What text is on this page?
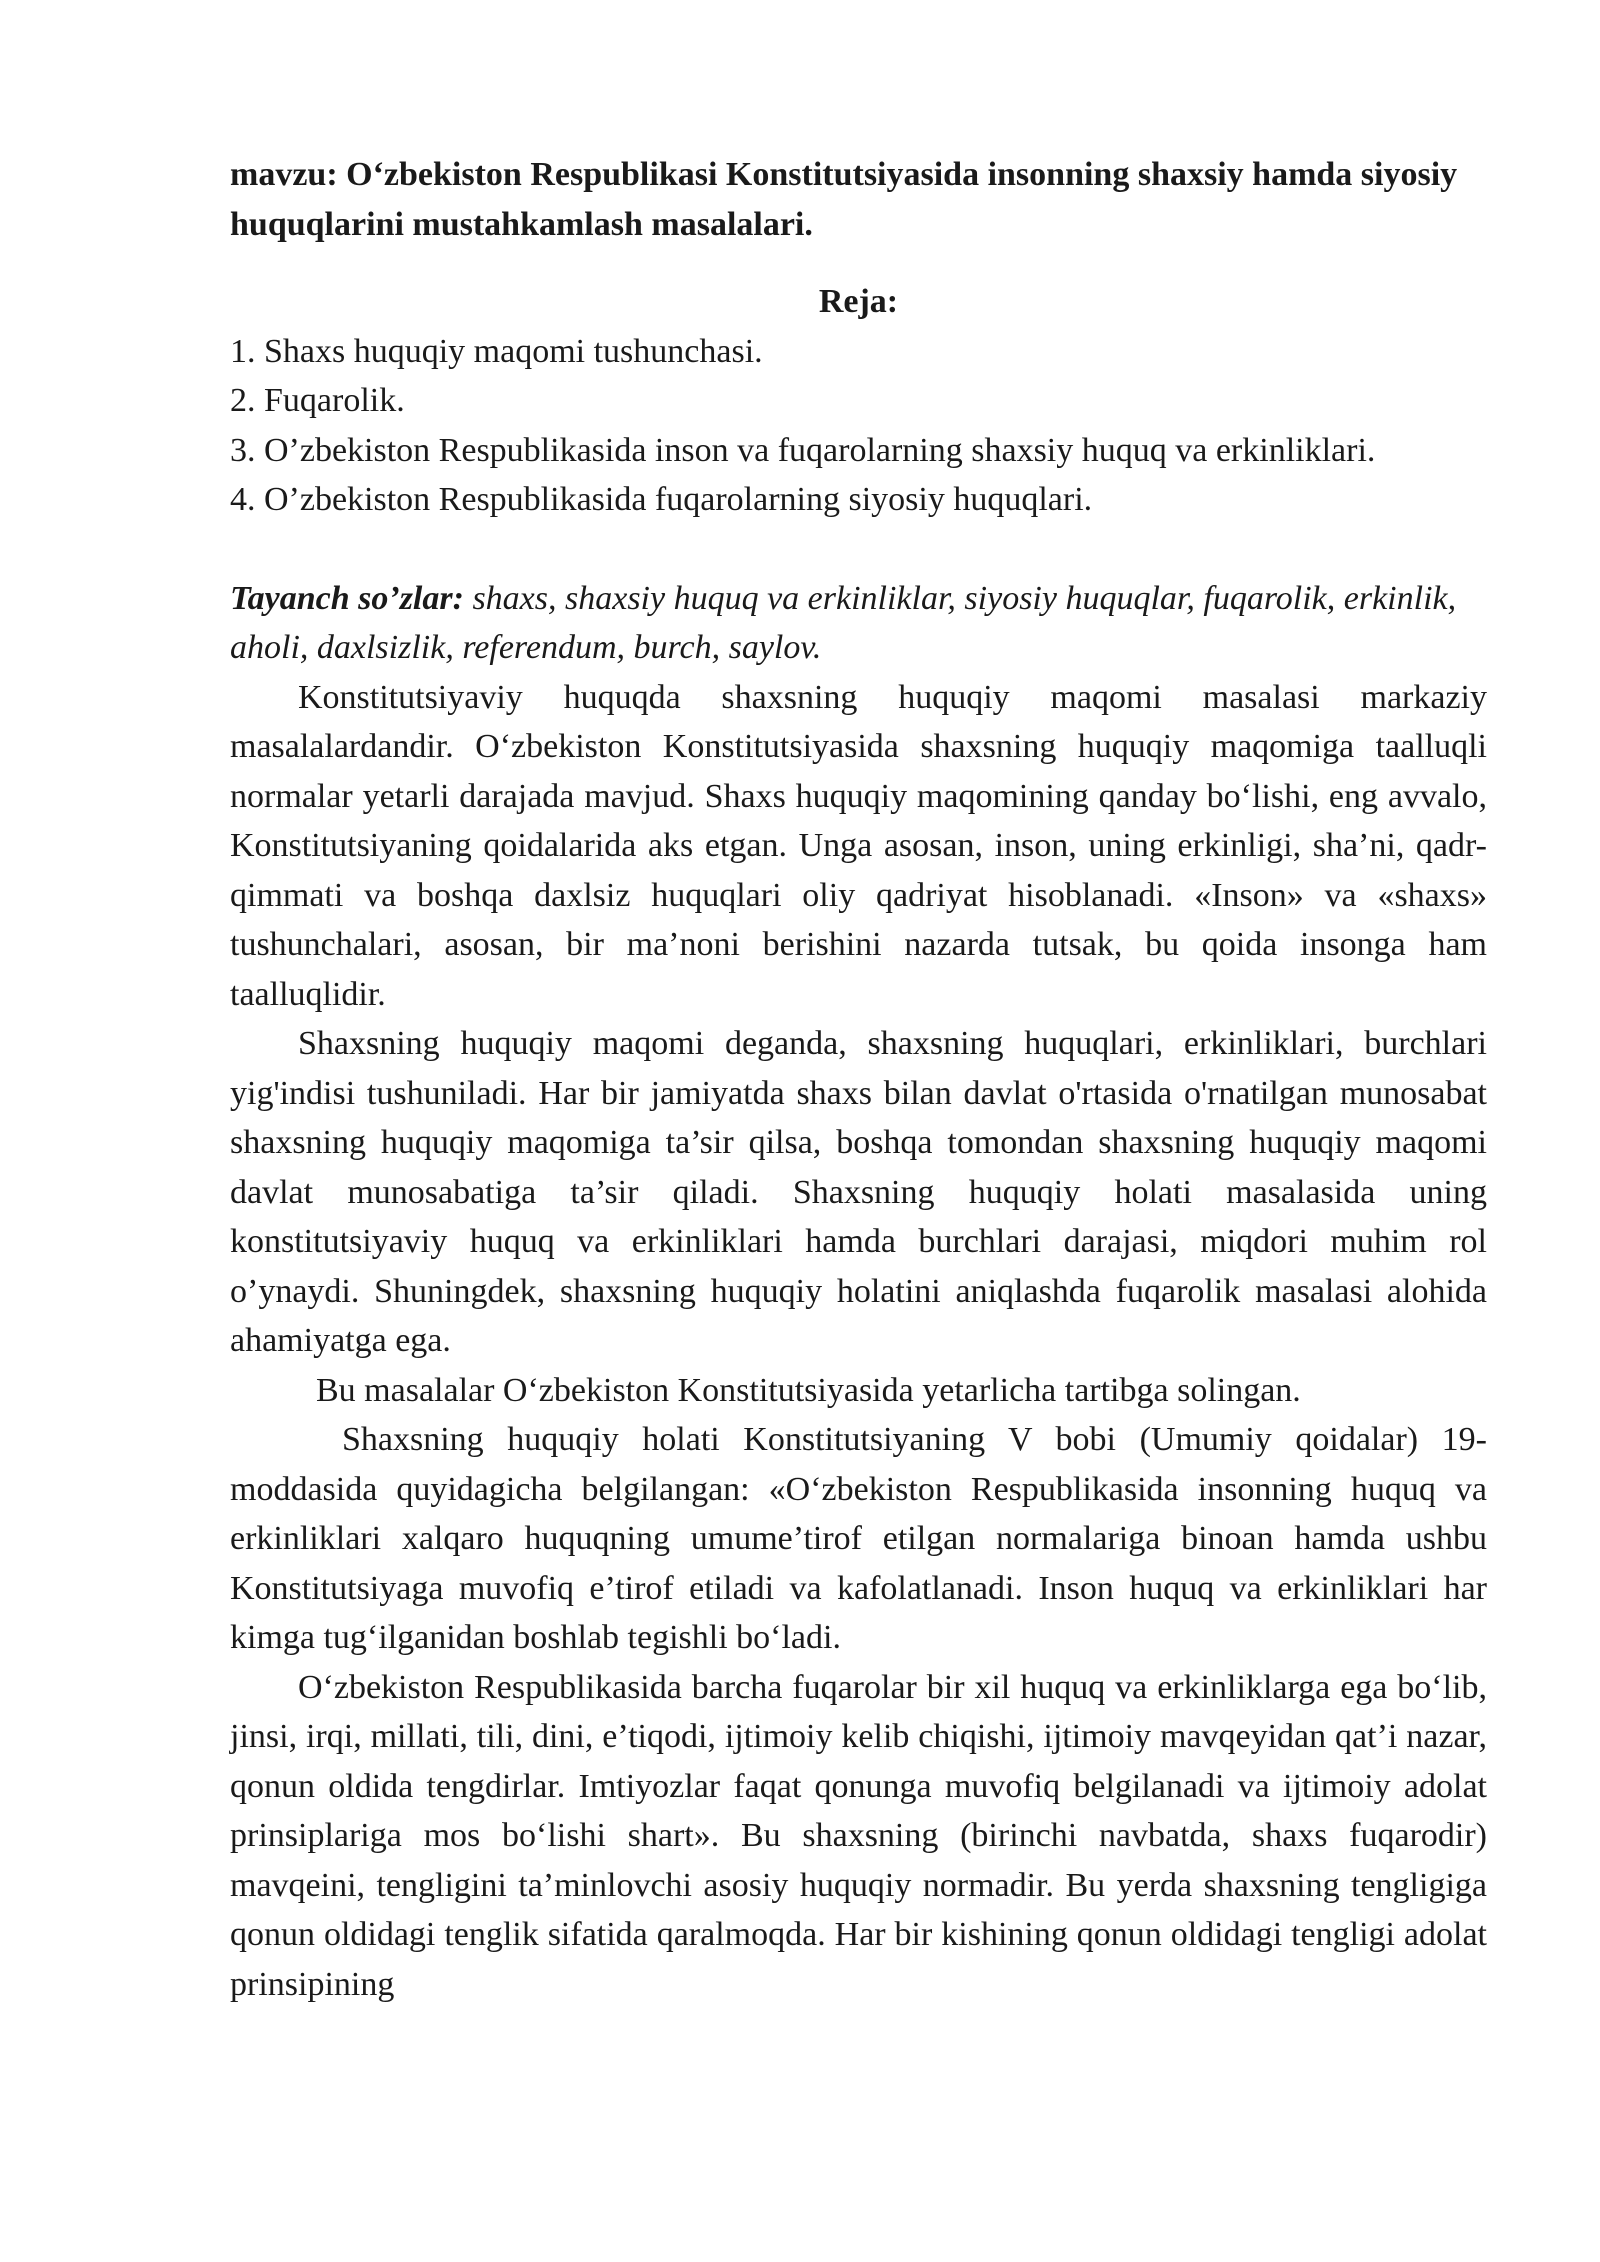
mavzu: O‘zbekiston Respublikasi Konstitutsiyasida insonning shaxsiy hamda siyosiy huquqlarini mustahkamlash masalalari.

Reja:

1. Shaxs huquqiy maqomi tushunchasi.

2. Fuqarolik.

3. O’zbekiston Respublikasida inson va fuqarolarning shaxsiy huquq va erkinliklari.

4. O’zbekiston Respublikasida fuqarolarning siyosiy huquqlari.

Tayanch so’zlar: shaxs, shaxsiy huquq va erkinliklar, siyosiy huquqlar, fuqarolik, erkinlik, aholi, daxlsizlik, referendum, burch, saylov.

Konstitutsiyaviy huquqda shaxsning huquqiy maqomi masalasi markaziy masalalardandir. O‘zbekiston Konstitutsiyasida shaxsning huquqiy maqomiga taalluqli normalar yetarli darajada mavjud. Shaxs huquqiy maqomining qanday bo‘lishi, eng avvalo, Konstitutsiyaning qoidalarida aks etgan. Unga asosan, inson, uning erkinligi, sha’ni, qadr-qimmati va boshqa daxlsiz huquqlari oliy qadriyat hisoblanadi. «Inson» va «shaxs» tushunchalari, asosan, bir ma’noni berishini nazarda tutsak, bu qoida insonga ham taalluqlidir.

Shaxsning huquqiy maqomi deganda, shaxsning huquqlari, erkinliklari, burchlari yig'indisi tushuniladi. Har bir jamiyatda shaxs bilan davlat o'rtasida o'rnatilgan munosabat shaxsning huquqiy maqomiga ta’sir qilsa, boshqa tomondan shaxsning huquqiy maqomi davlat munosabatiga ta’sir qiladi. Shaxsning huquqiy holati masalasida uning konstitutsiyaviy huquq va erkinliklari hamda burchlari darajasi, miqdori muhim rol o’ynaydi. Shuningdek, shaxsning huquqiy holatini aniqlashda fuqarolik masalasi alohida ahamiyatga ega.

Bu masalalar O‘zbekiston Konstitutsiyasida yetarlicha tartibga solingan.

Shaxsning huquqiy holati Konstitutsiyaning V bobi (Umumiy qoidalar) 19-moddasida quyidagicha belgilangan: «O‘zbekiston Respublikasida insonning huquq va erkinliklari xalqaro huquqning umume’tirof etilgan normalariga binoan hamda ushbu Konstitutsiyaga muvofiq e’tirof etiladi va kafolatlanadi. Inson huquq va erkinliklari har kimga tug‘ilganidan boshlab tegishli bo‘ladi.

O‘zbekiston Respublikasida barcha fuqarolar bir xil huquq va erkinliklarga ega bo‘lib, jinsi, irqi, millati, tili, dini, e’tiqodi, ijtimoiy kelib chiqishi, ijtimoiy mavqeyidan qat’i nazar, qonun oldida tengdirlar. Imtiyozlar faqat qonunga muvofiq belgilanadi va ijtimoiy adolat prinsiplariga mos bo‘lishi shart». Bu shaxsning (birinchi navbatda, shaxs fuqarodir) mavqeini, tengligini ta’minlovchi asosiy huquqiy normadir. Bu yerda shaxsning tengligiga qonun oldidagi tenglik sifatida qaralmoqda. Har bir kishining qonun oldidagi tengligi adolat prinsipining
